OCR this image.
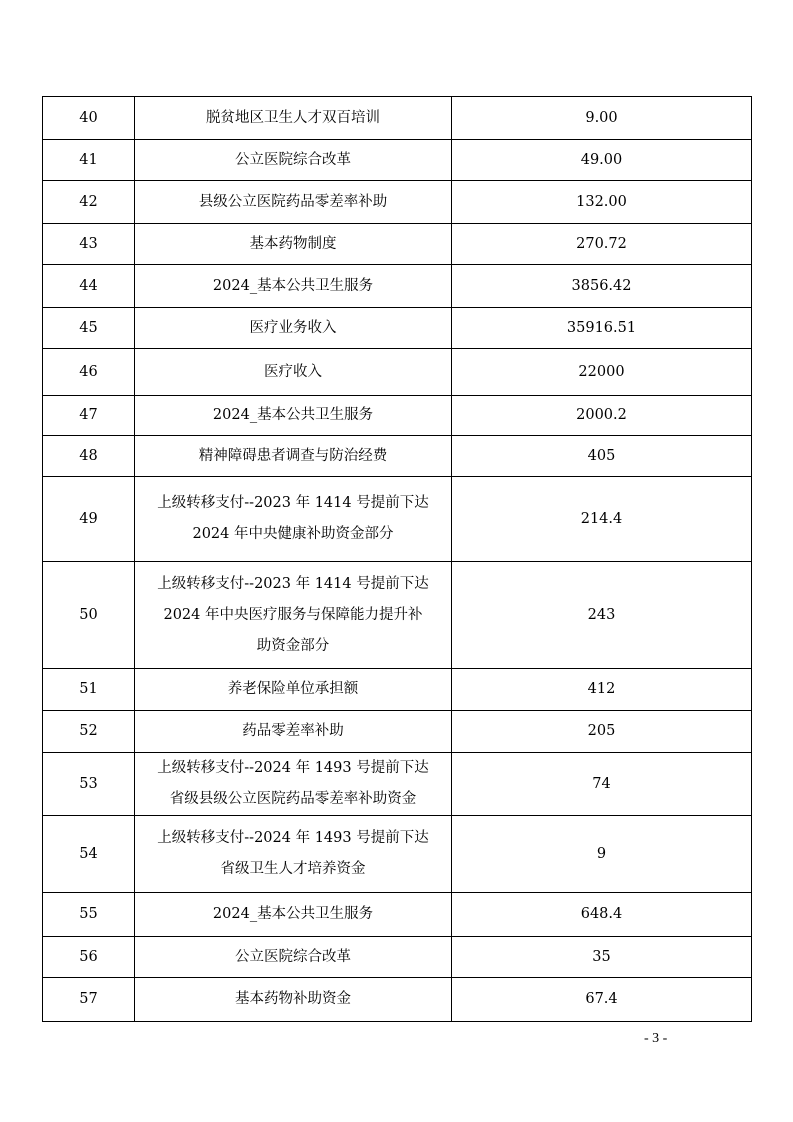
40	脱贫地区卫生人才双百培训	9.00
41	公立医院综合改革	49.00
42	县级公立医院药品零差率补助	132.00
43	基本药物制度	270.72
44	2024_基本公共卫生服务	3856.42
45	医疗业务收入	35916.51
46	医疗收入	22000
47	2024_基本公共卫生服务	2000.2
48	精神障碍患者调查与防治经费	405
49	上级转移支付--2023 年 1414 号提前下达
2024 年中央健康补助资金部分	214.4
50	上级转移支付--2023 年 1414 号提前下达
2024 年中央医疗服务与保障能力提升补
助资金部分	243
51	养老保险单位承担额	412
52	药品零差率补助	205
53	上级转移支付--2024 年 1493 号提前下达
省级县级公立医院药品零差率补助资金	74
54	上级转移支付--2024 年 1493 号提前下达
省级卫生人才培养资金	9
55	2024_基本公共卫生服务	648.4
56	公立医院综合改革	35
57	基本药物补助资金	67.4
- 3 -
